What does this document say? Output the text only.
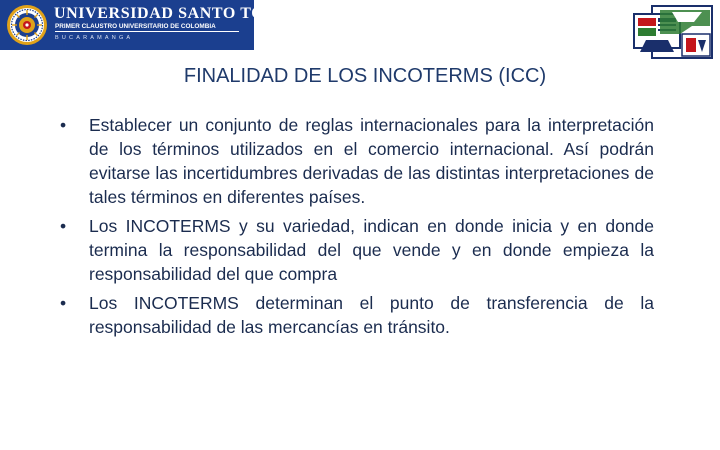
UNIVERSIDAD SANTO TOMAS
PRIMER CLAUSTRO UNIVERSITARIO DE COLOMBIA
BUCARAMANGA
FINALIDAD DE LOS INCOTERMS (ICC)
•	Establecer un conjunto de reglas internacionales para la interpretación de los términos utilizados en el comercio internacional. Así podrán evitarse las incertidumbres derivadas de las distintas interpretaciones de tales términos en diferentes países.
•	Los INCOTERMS y su variedad, indican en donde inicia y en donde termina la responsabilidad del que vende y en donde empieza la responsabilidad del que compra
•	Los INCOTERMS determinan el punto de transferencia de la responsabilidad de las mercancías en tránsito.
